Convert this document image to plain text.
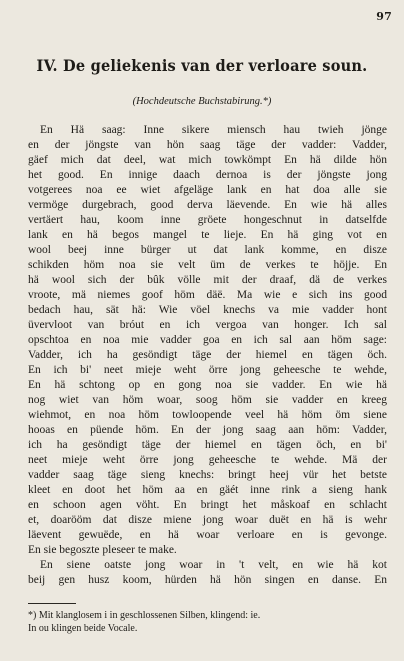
97
IV. De geliekenis van der verloare soun.
(Hochdeutsche Buchstabirung.*)
En Hä saag: Inne sikere miensch hau twieh jönge
en der jöngste van hön saag täge der vadder: Vadder,
gäef mich dat deel, wat mich towkömpt En hä dilde hön
het good. En innige daach dernoa is der jöngste jong
votgerees noa ee wiet afgeläge lank en hat doa alle sie
vermöge durgebrach, good derva läevende. En wie hä alles
vertäert hau, koom inne gröete hongeschnut in datselfde
lank en hä begos mangel te lieje. En hä ging vot en
wool beej inne bürger ut dat lank komme, en disze
schikden höm noa sie velt üm de verkes te höjje. En
hä wool sich der bûk völle mit der draaf, dä de verkes
vroote, mä niemes goof höm däë. Ma wie e sich ins good
bedach hau, sät hä: Wie vöel knechs va mie vadder hont
üvervloot van bróut en ich vergoa van honger. Ich sal
opschtoa en noa mie vadder goa en ich sal aan höm sage:
Vadder, ich ha gesöndigt täge der hiemel en tägen öch.
En ich bi' neet mieje weht örre jong geheesche te wehde,
En hä schtong op en gong noa sie vadder. En wie hä
nog wiet van höm woar, soog höm sie vadder en kreeg
wiehmot, en noa höm towloopende veel hä höm öm siene
hooas en püende höm. En der jong saag aan höm: Vadder,
ich ha gesöndigt täge der hiemel en tägen öch, en bi'
neet mieje weht örre jong geheesche te wehde. Mä der
vadder saag täge sieng knechs: bringt heej vür het betste
kleet en doot het höm aa en gäét inne rink a sieng hank
en schoon agen vöht. En bringt het måskoaf en schlacht
et, doarööm dat disze miene jong woar duët en hä is wehr
läevent gewuëde, en hä woar verloare en is gevonge.
En sie begoszte pleseer te make.
En siene oatste jong woar in 't velt, en wie hä kot
beij gen husz koom, hürden hä hön singen en danse. En
*) Mit klanglosem i in geschlossenen Silben, klingend: ie.
In ou klingen beide Vocale.
